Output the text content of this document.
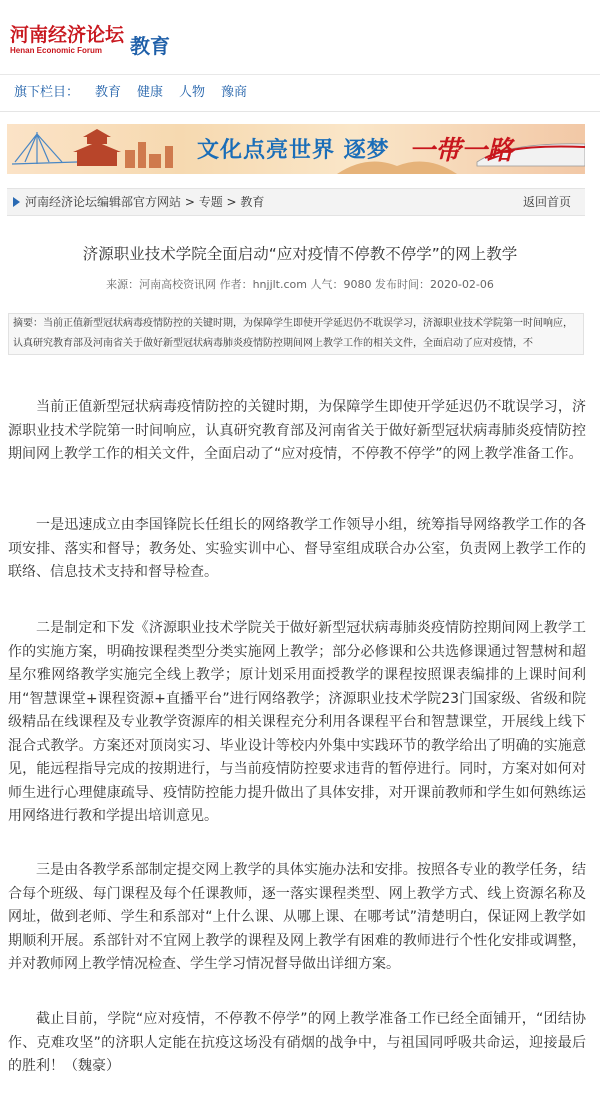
河南经济论坛
Henan Economic Forum	教育
旗下栏目： 教育 健康 人物 豫商
文化点亮世界 逐梦 一带一路
河南经济论坛编辑部官方网站 > 专题 > 教育	返回首页
济源职业技术学院全面启动“应对疫情不停教不停学”的网上教学
来源：河南高校资讯网 作者：hnjjlt.com 人气：9080 发布时间：2020-02-06
摘要：当前正值新型冠状病毒疫情防控的关键时期，为保障学生即使开学延迟仍不耽误学习，济源职业技术学院第一时间响应，认真研究教育部及河南省关于做好新型冠状病毒肺炎疫情防控期间网上教学工作的相关文件，全面启动了应对疫情，不

当前正值新型冠状病毒疫情防控的关键时期，为保障学生即使开学延迟仍不耽误学习，济源职业技术学院第一时间响应，认真研究教育部及河南省关于做好新型冠状病毒肺炎疫情防控期间网上教学工作的相关文件，全面启动了“应对疫情，不停教不停学”的网上教学准备工作。

一是迅速成立由李国锋院长任组长的网络教学工作领导小组，统筹指导网络教学工作的各项安排、落实和督导；教务处、实验实训中心、督导室组成联合办公室，负责网上教学工作的联络、信息技术支持和督导检查。

二是制定和下发《济源职业技术学院关于做好新型冠状病毒肺炎疫情防控期间网上教学工作的实施方案，明确按课程类型分类实施网上教学；部分必修课和公共选修课通过智慧树和超星尔雅网络教学实施完全线上教学；原计划采用面授教学的课程按照课表编排的上课时间利用“智慧课堂+课程资源+直播平台”进行网络教学；济源职业技术学院23门国家级、省级和院级精品在线课程及专业教学资源库的相关课程充分利用各课程平台和智慧课堂，开展线上线下混合式教学。方案还对顶岗实习、毕业设计等校内外集中实践环节的教学给出了明确的实施意见，能远程指导完成的按期进行，与当前疫情防控要求违背的暂停进行。同时，方案对如何对师生进行心理健康疏导、疫情防控能力提升做出了具体安排，对开课前教师和学生如何熟练运用网络进行教和学提出培训意见。

三是由各教学系部制定提交网上教学的具体实施办法和安排。按照各专业的教学任务，结合每个班级、每门课程及每个任课教师，逐一落实课程类型、网上教学方式、线上资源名称及网址，做到老师、学生和系部对“上什么课、从哪上课、在哪考试”清楚明白，保证网上教学如期顺利开展。系部针对不宜网上教学的课程及网上教学有困难的教师进行个性化安排或调整，并对教师网上教学情况检查、学生学习情况督导做出详细方案。

截止目前，学院“应对疫情，不停教不停学”的网上教学准备工作已经全面铺开，“团结协作、克难攻坚”的济职人定能在抗疫这场没有硝烟的战争中，与祖国同呼吸共命运，迎接最后的胜利！（魏豪）
